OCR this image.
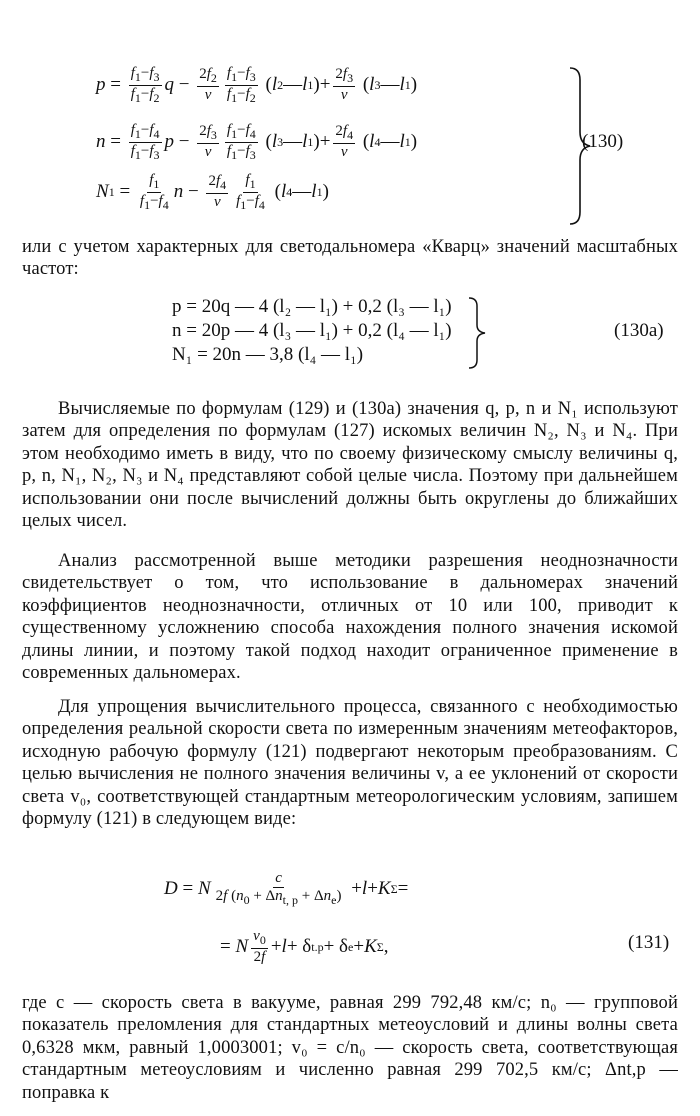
$p = \frac{f_1-f_3}{f_1-f_2}$ $q - \frac{2f_2}{v} \frac{f_1-f_3}{f_1-f_2}$ ( l 2 — l 1 )+ $\frac{2f_3}{v}$ ( l 3 — l 1 )
$n = \frac{f_1-f_4}{f_1-f_3}$ $p - \frac{2f_3}{v} \frac{f_1-f_4}{f_1-f_3}$ ( l 3 — l 1 )+ $\frac{2f_4}{v}$ ( l 4 — l 1 )
N $1 = \frac{f_1}{f_1-f_4}$ $n - \frac{2f_4}{v} \frac{f_1}{f_1-f_4}$ ( l 4 — l 1 )
(130)

или с учетом характерных для светодальномера «Кварц» значений масштабных частот:

p = 20q — 4 (l₂ — l₁) + 0,2 (l₃ — l₁)
n = 20p — 4 (l₃ — l₁) + 0,2 (l₄ — l₁)
N₁ = 20n — 3,8 (l₄ — l₁)
(130a)

Вычисляемые по формулам (129) и (130а) значения q, p, n и N₁ используют затем для определения по формулам (127) искомых величин N₂, N₃ и N₄. При этом необходимо иметь в виду, что по своему физическому смыслу величины q, p, n, N₁, N₂, N₃ и N₄ представляют собой целые числа. Поэтому при дальнейшем использовании они после вычислений должны быть округлены до ближайших целых чисел.

Анализ рассмотренной выше методики разрешения неоднозначности свидетельствует о том, что использование в дальномерах значений коэффициентов неоднозначности, отличных от 10 или 100, приводит к существенному усложнению способа нахождения полного значения искомой длины линии, и поэтому такой подход находит ограниченное применение в современных дальномерах.

Для упрощения вычислительного процесса, связанного с необходимостью определения реальной скорости света по измеренным значениям метеофакторов, исходную рабочую формулу (121) подвергают некоторым преобразованиям. С целью вычисления не полного значения величины v, а ее уклонений от скорости света v₀, соответствующей стандартным метеорологическим условиям, запишем формулу (121) в следующем виде:

D = N $\frac{c}{2f (n_0 + \Delta n_{t, p} + \Delta n_e)} + l + K$ Σ =
= N $\frac{v_0}{2f} + l + \delta$ t.p + δ e + K Σ ,	(131)

где c — скорость света в вакууме, равная 299 792,48 км/с; n₀ — групповой показатель преломления для стандартных метеоусловий и длины волны света 0,6328 мкм, равный 1,0003001; v₀ = c/n₀ — скорость света, соответствующая стандартным метеоусловиям и численно равная 299 702,5 км/с; Δnt,p — поправка к
